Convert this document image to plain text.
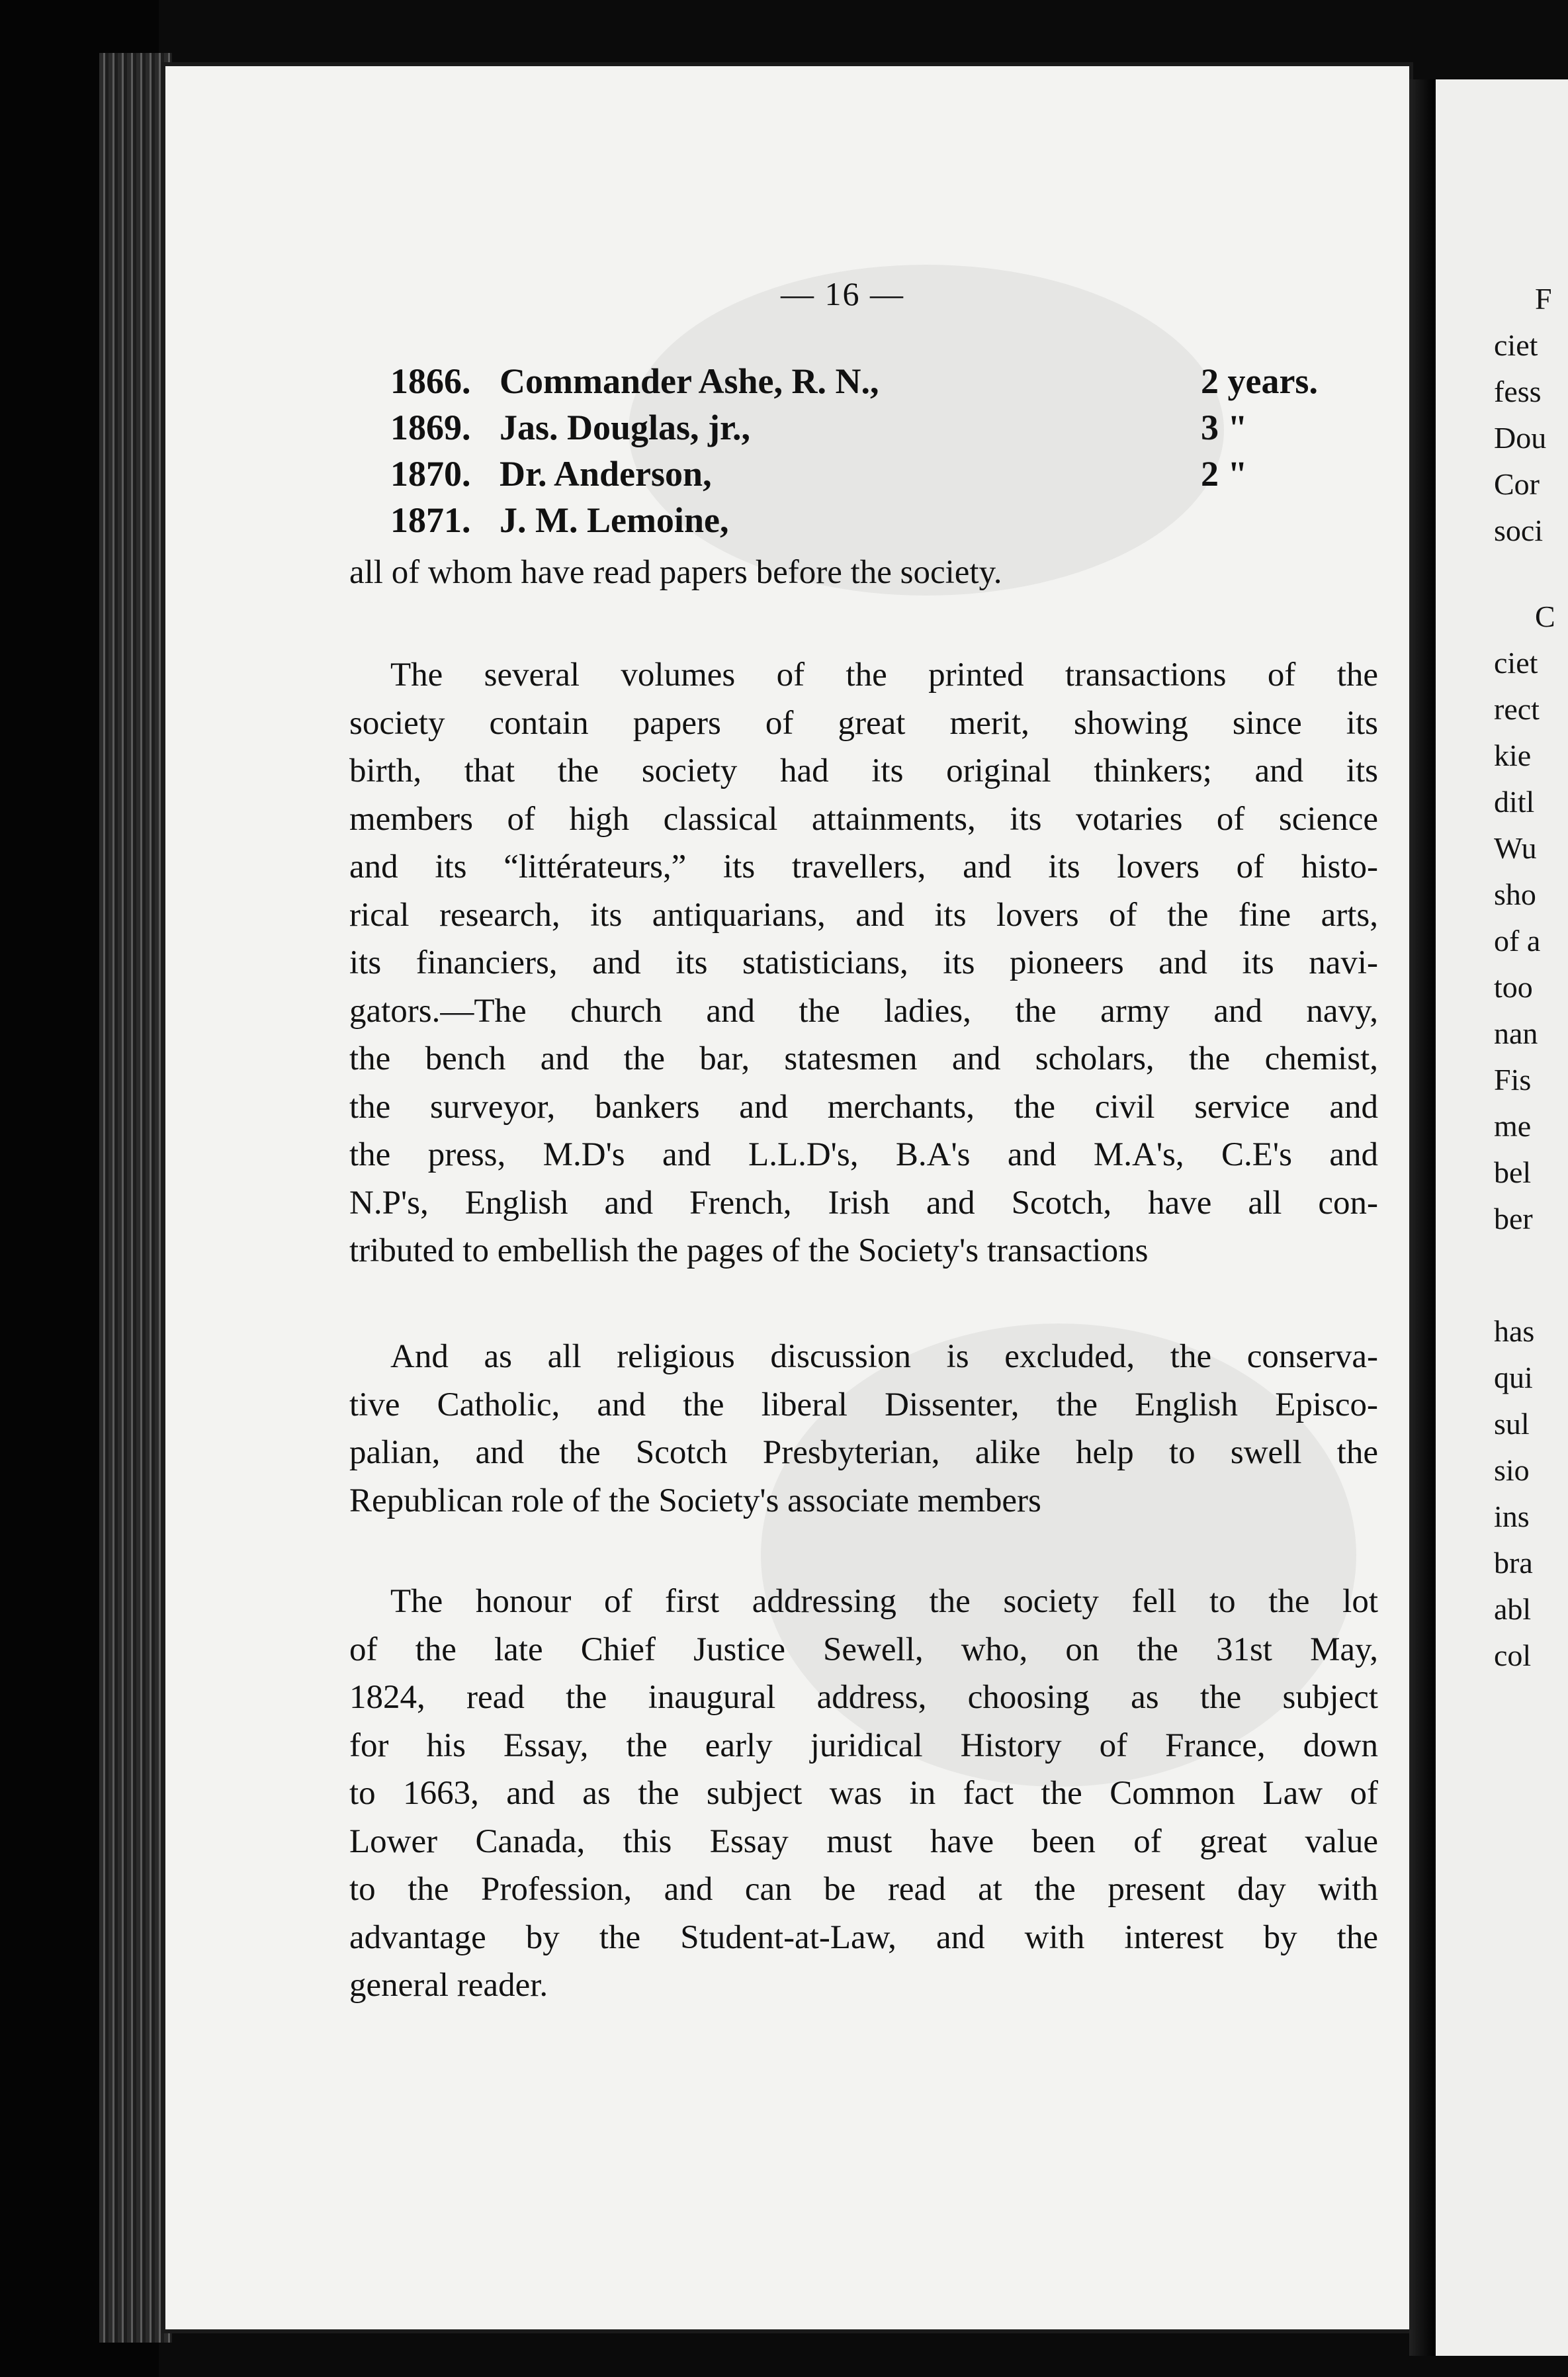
F
ciet
fess
Dou
Cor
soci
C
ciet
rect
kie
ditl
Wu
sho
of a
too
nan
Fis
me
bel
ber
has
qui
sul
sio
ins
bra
abl
col
— 16 —
1866. Commander Ashe, R. N.,	2 years.
1869. Jas. Douglas, jr.,	3 "
1870. Dr. Anderson,	2 "
1871. J. M. Lemoine,
all of whom have read papers before the society.
The several volumes of the printed transactions of the
society contain papers of great merit, showing since its
birth, that the society had its original thinkers; and its
members of high classical attainments, its votaries of science
and its “littérateurs,” its travellers, and its lovers of histo-
rical research, its antiquarians, and its lovers of the fine arts,
its financiers, and its statisticians, its pioneers and its navi-
gators.—The church and the ladies, the army and navy,
the bench and the bar, statesmen and scholars, the chemist,
the surveyor, bankers and merchants, the civil service and
the press, M.D's and L.L.D's, B.A's and M.A's, C.E's and
N.P's, English and French, Irish and Scotch, have all con-
tributed to embellish the pages of the Society's transactions
And as all religious discussion is excluded, the conserva-
tive Catholic, and the liberal Dissenter, the English Episco-
palian, and the Scotch Presbyterian, alike help to swell the
Republican role of the Society's associate members
The honour of first addressing the society fell to the lot
of the late Chief Justice Sewell, who, on the 31st May,
1824, read the inaugural address, choosing as the subject
for his Essay, the early juridical History of France, down
to 1663, and as the subject was in fact the Common Law of
Lower Canada, this Essay must have been of great value
to the Profession, and can be read at the present day with
advantage by the Student-at-Law, and with interest by the
general reader.
